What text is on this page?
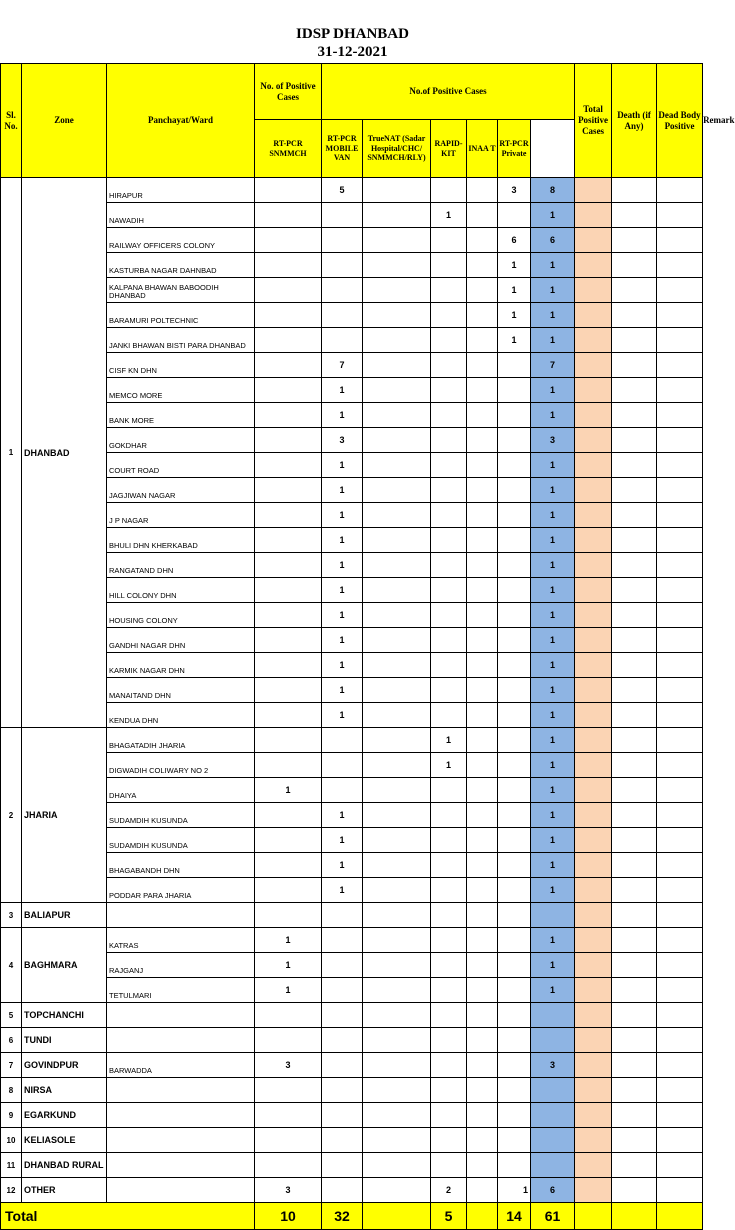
IDSP DHANBAD
31-12-2021
Sl. No.	Zone	Panchayat/Ward	No. of Positive Cases	No.of Positive Cases						Total Positive Cases	Death (if Any)	Dead Body Positive	Remark
			RT-PCR SNMMCH	RT-PCR MOBILE VAN	TrueNAT (Sadar Hospital/CHC/ SNMMCH/RLY)	RAPID-KIT	INAA T	RT-PCR Private					
1	DHANBAD	HIRAPUR		5				3	8				
		NAWADIH				1			1				
		RAILWAY OFFICERS COLONY						6	6				
		KASTURBA NAGAR DAHNBAD						1	1				
		KALPANA BHAWAN BABOODIH DHANBAD						1	1				
		BARAMURI POLTECHNIC						1	1				
		JANKI BHAWAN BISTI PARA DHANBAD						1	1				
		CISF KN DHN		7					7				
		MEMCO MORE		1					1				
		BANK MORE		1					1				
		GOKDHAR		3					3				
		COURT ROAD		1					1				
		JAGJIWAN NAGAR		1					1				
		J P NAGAR		1					1				
		BHULI DHN KHERKABAD		1					1				
		RANGATAND DHN		1					1				
		HILL COLONY DHN		1					1				
		HOUSING COLONY		1					1				
		GANDHI NAGAR DHN		1					1				
		KARMIK NAGAR DHN		1					1				
		MANAITAND DHN		1					1				
		KENDUA DHN		1					1				
2	JHARIA	BHAGATADIH JHARIA				1			1				
		DIGWADIH COLIWARY NO 2				1			1				
		DHAIYA	1						1				
		SUDAMDIH KUSUNDA		1					1				
		SUDAMDIH KUSUNDA		1					1				
		BHAGABANDH DHN		1					1				
		PODDAR PARA JHARIA		1					1				
3	BALIAPUR												
4	BAGHMARA	KATRAS	1						1				
		RAJGANJ	1						1				
		TETULMARI	1						1				
5	TOPCHANCHI												
6	TUNDI												
7	GOVINDPUR	BARWADDA	3						3				
8	NIRSA												
9	EGARKUND												
10	KELIASOLE												
11	DHANBAD RURAL												
12	OTHER		3			2		1	6				
Total			10	32		5		14	61				
